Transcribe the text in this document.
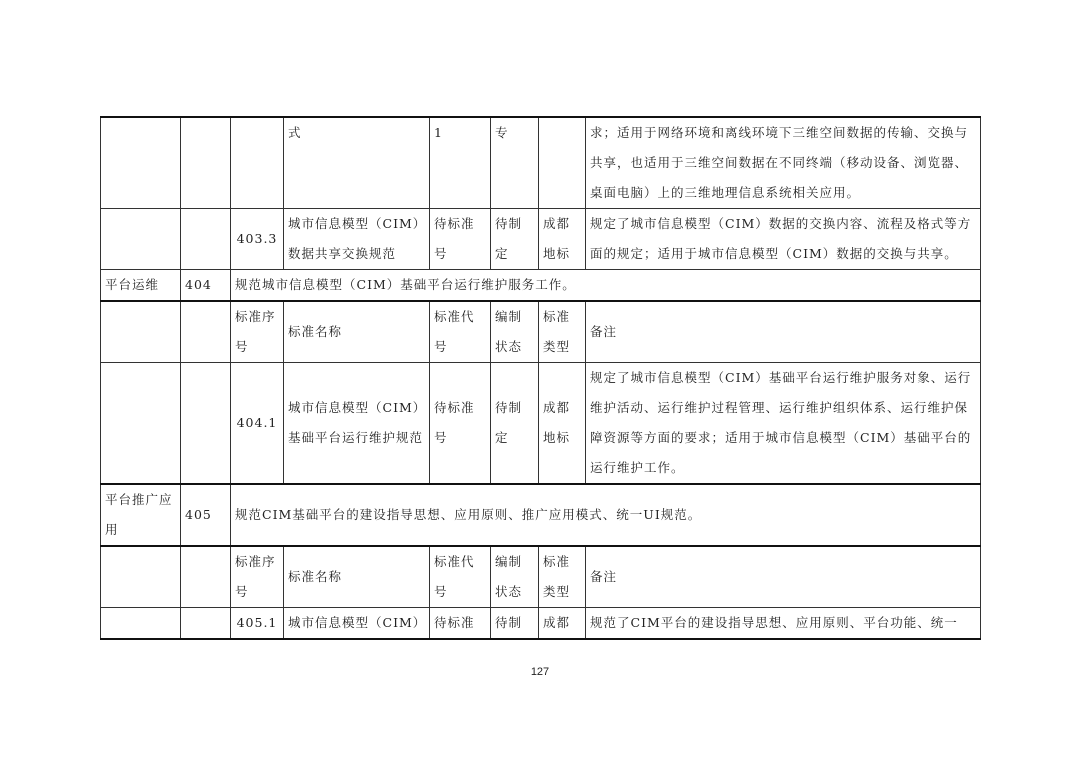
			式	1	专		求；适用于网络环境和离线环境下三维空间数据的传输、交换与共享，也适用于三维空间数据在不同终端（移动设备、浏览器、桌面电脑）上的三维地理信息系统相关应用。
		403.3	城市信息模型（CIM）数据共享交换规范	待标准号	待制定	成都地标	规定了城市信息模型（CIM）数据的交换内容、流程及格式等方面的规定；适用于城市信息模型（CIM）数据的交换与共享。
平台运维	404	规范城市信息模型（CIM）基础平台运行维护服务工作。					
		标准序号	标准名称	标准代号	编制状态	标准类型	备注
		404.1	城市信息模型（CIM）基础平台运行维护规范	待标准号	待制定	成都地标	规定了城市信息模型（CIM）基础平台运行维护服务对象、运行维护活动、运行维护过程管理、运行维护组织体系、运行维护保障资源等方面的要求；适用于城市信息模型（CIM）基础平台的运行维护工作。
平台推广应用	405	规范CIM基础平台的建设指导思想、应用原则、推广应用模式、统一UI规范。					
		标准序号	标准名称	标准代号	编制状态	标准类型	备注
		405.1	城市信息模型（CIM）	待标准	待制	成都	规范了CIM平台的建设指导思想、应用原则、平台功能、统一
127
